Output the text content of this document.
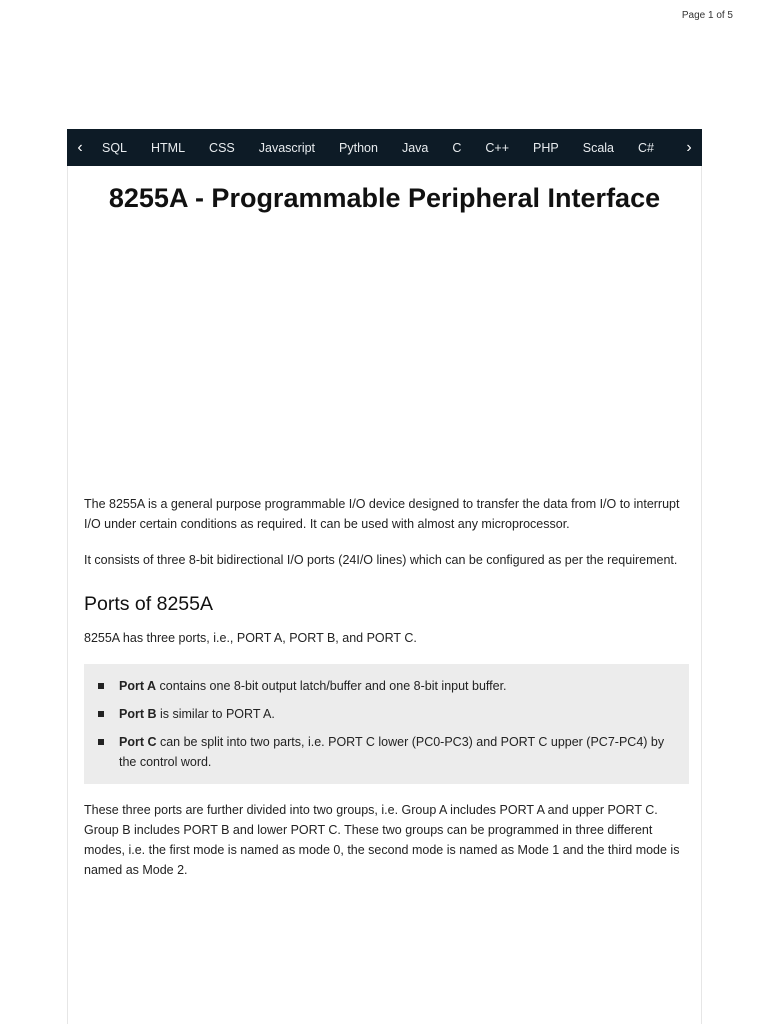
Page 1 of 5
‹	SQL	HTML	CSS	Javascript	Python	Java	C	C++	PHP	Scala	C#	›
8255A - Programmable Peripheral Interface

The 8255A is a general purpose programmable I/O device designed to transfer the data from I/O to interrupt I/O under certain conditions as required. It can be used with almost any microprocessor.

It consists of three 8-bit bidirectional I/O ports (24I/O lines) which can be configured as per the requirement.

Ports of 8255A

8255A has three ports, i.e., PORT A, PORT B, and PORT C.

Port A contains one 8-bit output latch/buffer and one 8-bit input buffer.
Port B is similar to PORT A.
Port C can be split into two parts, i.e. PORT C lower (PC0-PC3) and PORT C upper (PC7-PC4) by the control word.

These three ports are further divided into two groups, i.e. Group A includes PORT A and upper PORT C. Group B includes PORT B and lower PORT C. These two groups can be programmed in three different modes, i.e. the first mode is named as mode 0, the second mode is named as Mode 1 and the third mode is named as Mode 2.
